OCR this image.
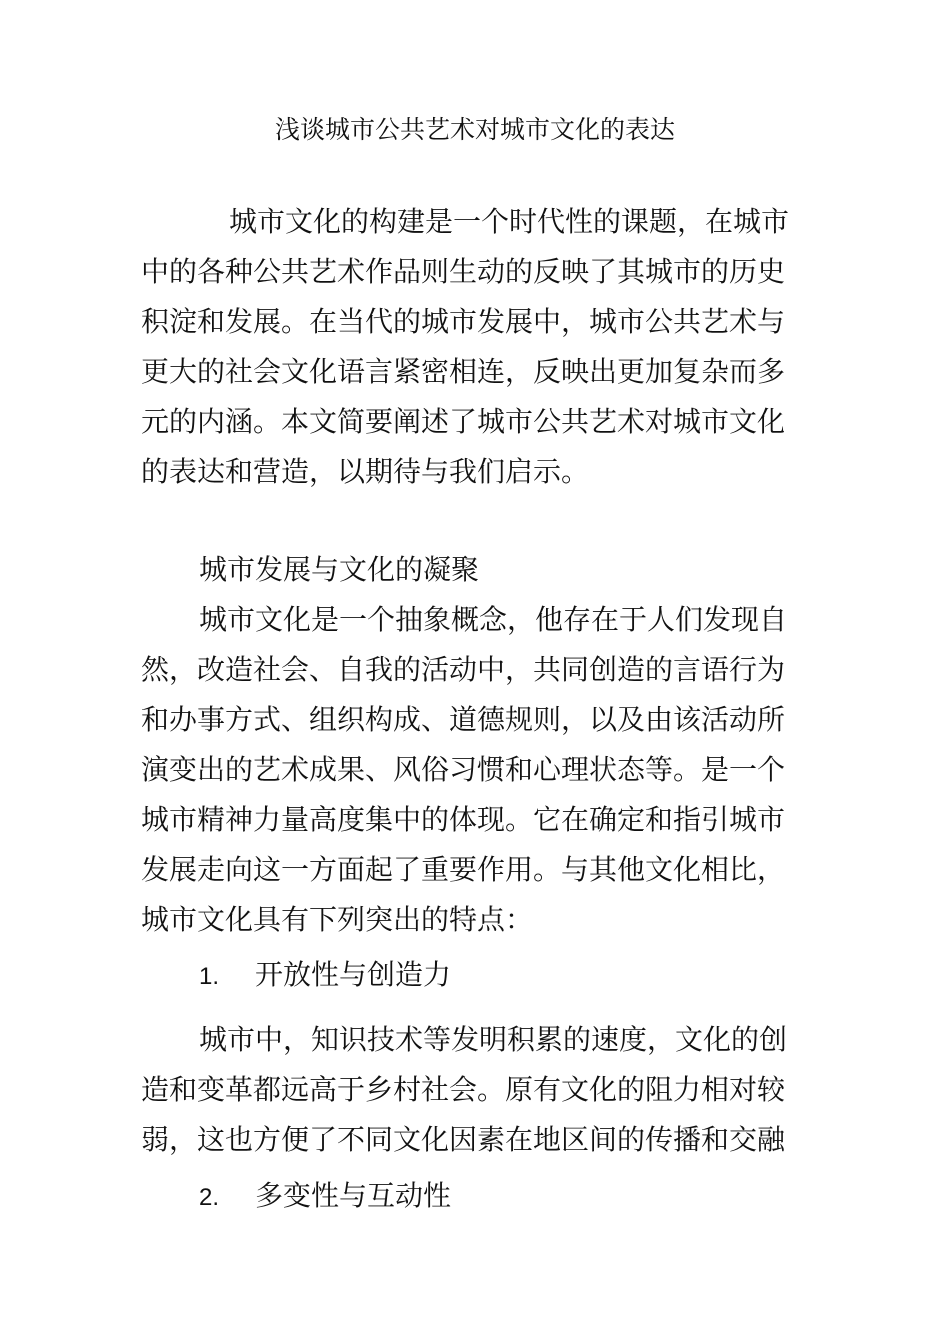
浅谈城市公共艺术对城市文化的表达
城市文化的构建是一个时代性的课题，在城市
中的各种公共艺术作品则生动的反映了其城市的历史
积淀和发展。在当代的城市发展中，城市公共艺术与
更大的社会文化语言紧密相连，反映出更加复杂而多
元的内涵。本文简要阐述了城市公共艺术对城市文化
的表达和营造，以期待与我们启示。
城市发展与文化的凝聚
城市文化是一个抽象概念，他存在于人们发现自
然，改造社会、自我的活动中，共同创造的言语行为
和办事方式、组织构成、道德规则，以及由该活动所
演变出的艺术成果、风俗习惯和心理状态等。是一个
城市精神力量高度集中的体现。它在确定和指引城市
发展走向这一方面起了重要作用。与其他文化相比，
城市文化具有下列突出的特点：
1. 开放性与创造力
城市中，知识技术等发明积累的速度，文化的创
造和变革都远高于乡村社会。原有文化的阻力相对较
弱，这也方便了不同文化因素在地区间的传播和交融
2. 多变性与互动性
